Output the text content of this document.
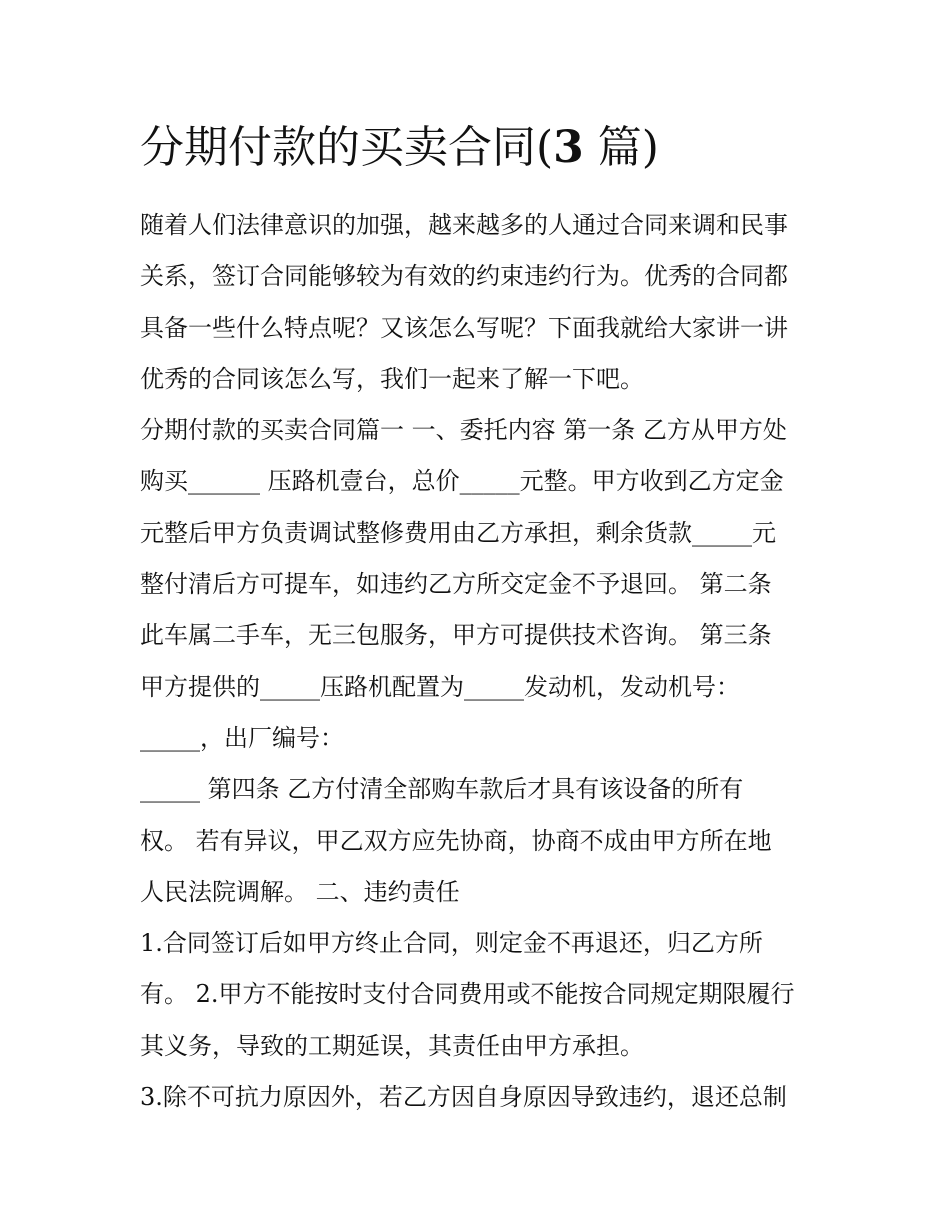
分期付款的买卖合同(3 篇)
随着人们法律意识的加强，越来越多的人通过合同来调和民事
关系，签订合同能够较为有效的约束违约行为。优秀的合同都
具备一些什么特点呢？又该怎么写呢？下面我就给大家讲一讲
优秀的合同该怎么写，我们一起来了解一下吧。
分期付款的买卖合同篇一 一、委托内容 第一条 乙方从甲方处
购买______ 压路机壹台，总价_____元整。甲方收到乙方定金
元整后甲方负责调试整修费用由乙方承担，剩余货款_____元
整付清后方可提车，如违约乙方所交定金不予退回。 第二条
此车属二手车，无三包服务，甲方可提供技术咨询。 第三条
甲方提供的_____压路机配置为_____发动机，发动机号：
_____，出厂编号：
_____ 第四条 乙方付清全部购车款后才具有该设备的所有
权。 若有异议，甲乙双方应先协商，协商不成由甲方所在地
人民法院调解。 二、违约责任
1.合同签订后如甲方终止合同，则定金不再退还，归乙方所
有。 2.甲方不能按时支付合同费用或不能按合同规定期限履行
其义务，导致的工期延误，其责任由甲方承担。
3.除不可抗力原因外，若乙方因自身原因导致违约，退还总制
